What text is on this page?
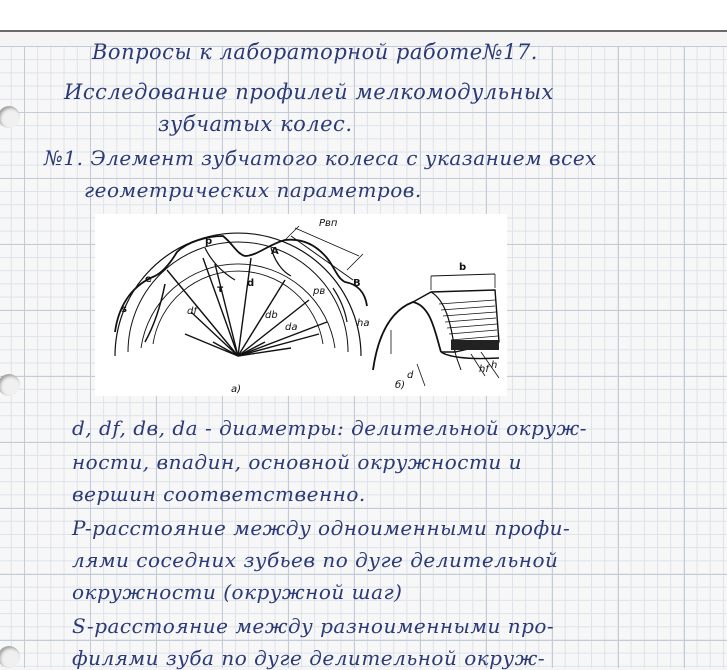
Вопросы к лабораторной работе№17.
Исследование профилей мелкомодульных
зубчатых колес.
№1. Элемент зубчатого колеса с указанием всех
геометрических параметров.
Pвп
p
e
s
τ
d
A
B
pв
df	db
da
а)
b
ha
hf h
d
б)
d, df, dв, da - диаметры: делительной окруж-
ности, впадин, основной окружности и
вершин соответственно.
P-расстояние между одноименными профи-
лями соседних зубьев по дуге делительной
окружности (окружной шаг)
S-расстояние между разноименными про-
филями зуба по дуге делительной окруж-
